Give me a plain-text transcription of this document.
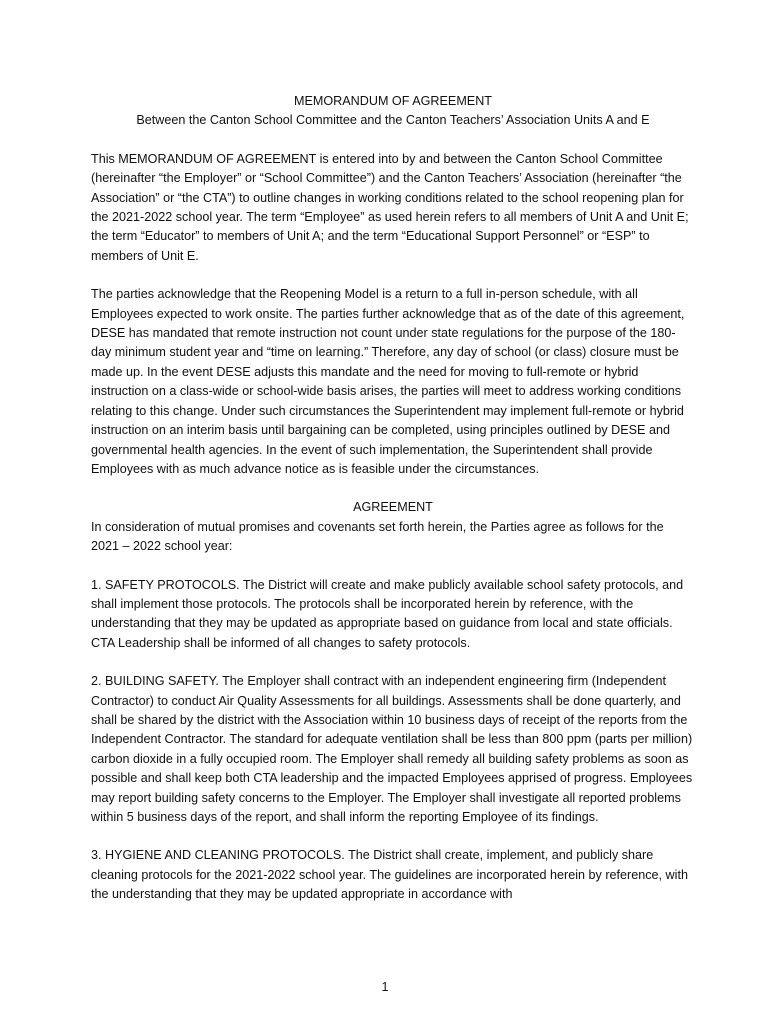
MEMORANDUM OF AGREEMENT

Between the Canton School Committee and the Canton Teachers’ Association Units A and E

This MEMORANDUM OF AGREEMENT is entered into by and between the Canton School Committee (hereinafter “the Employer” or “School Committee”) and the Canton Teachers’ Association (hereinafter “the Association” or “the CTA”) to outline changes in working conditions related to the school reopening plan for the 2021-2022 school year. The term “Employee” as used herein refers to all members of Unit A and Unit E; the term “Educator” to members of Unit A; and the term “Educational Support Personnel” or “ESP” to members of Unit E.

The parties acknowledge that the Reopening Model is a return to a full in-person schedule, with all Employees expected to work onsite. The parties further acknowledge that as of the date of this agreement, DESE has mandated that remote instruction not count under state regulations for the purpose of the 180-day minimum student year and “time on learning.” Therefore, any day of school (or class) closure must be made up. In the event DESE adjusts this mandate and the need for moving to full-remote or hybrid instruction on a class-wide or school-wide basis arises, the parties will meet to address working conditions relating to this change. Under such circumstances the Superintendent may implement full-remote or hybrid instruction on an interim basis until bargaining can be completed, using principles outlined by DESE and governmental health agencies. In the event of such implementation, the Superintendent shall provide Employees with as much advance notice as is feasible under the circumstances.

AGREEMENT

In consideration of mutual promises and covenants set forth herein, the Parties agree as follows for the 2021 – 2022 school year:

1. SAFETY PROTOCOLS. The District will create and make publicly available school safety protocols, and shall implement those protocols. The protocols shall be incorporated herein by reference, with the understanding that they may be updated as appropriate based on guidance from local and state officials. CTA Leadership shall be informed of all changes to safety protocols.

2. BUILDING SAFETY. The Employer shall contract with an independent engineering firm (Independent Contractor) to conduct Air Quality Assessments for all buildings. Assessments shall be done quarterly, and shall be shared by the district with the Association within 10 business days of receipt of the reports from the Independent Contractor. The standard for adequate ventilation shall be less than 800 ppm (parts per million) carbon dioxide in a fully occupied room. The Employer shall remedy all building safety problems as soon as possible and shall keep both CTA leadership and the impacted Employees apprised of progress. Employees may report building safety concerns to the Employer. The Employer shall investigate all reported problems within 5 business days of the report, and shall inform the reporting Employee of its findings.

3. HYGIENE AND CLEANING PROTOCOLS. The District shall create, implement, and publicly share cleaning protocols for the 2021-2022 school year. The guidelines are incorporated herein by reference, with the understanding that they may be updated appropriate in accordance with

1
